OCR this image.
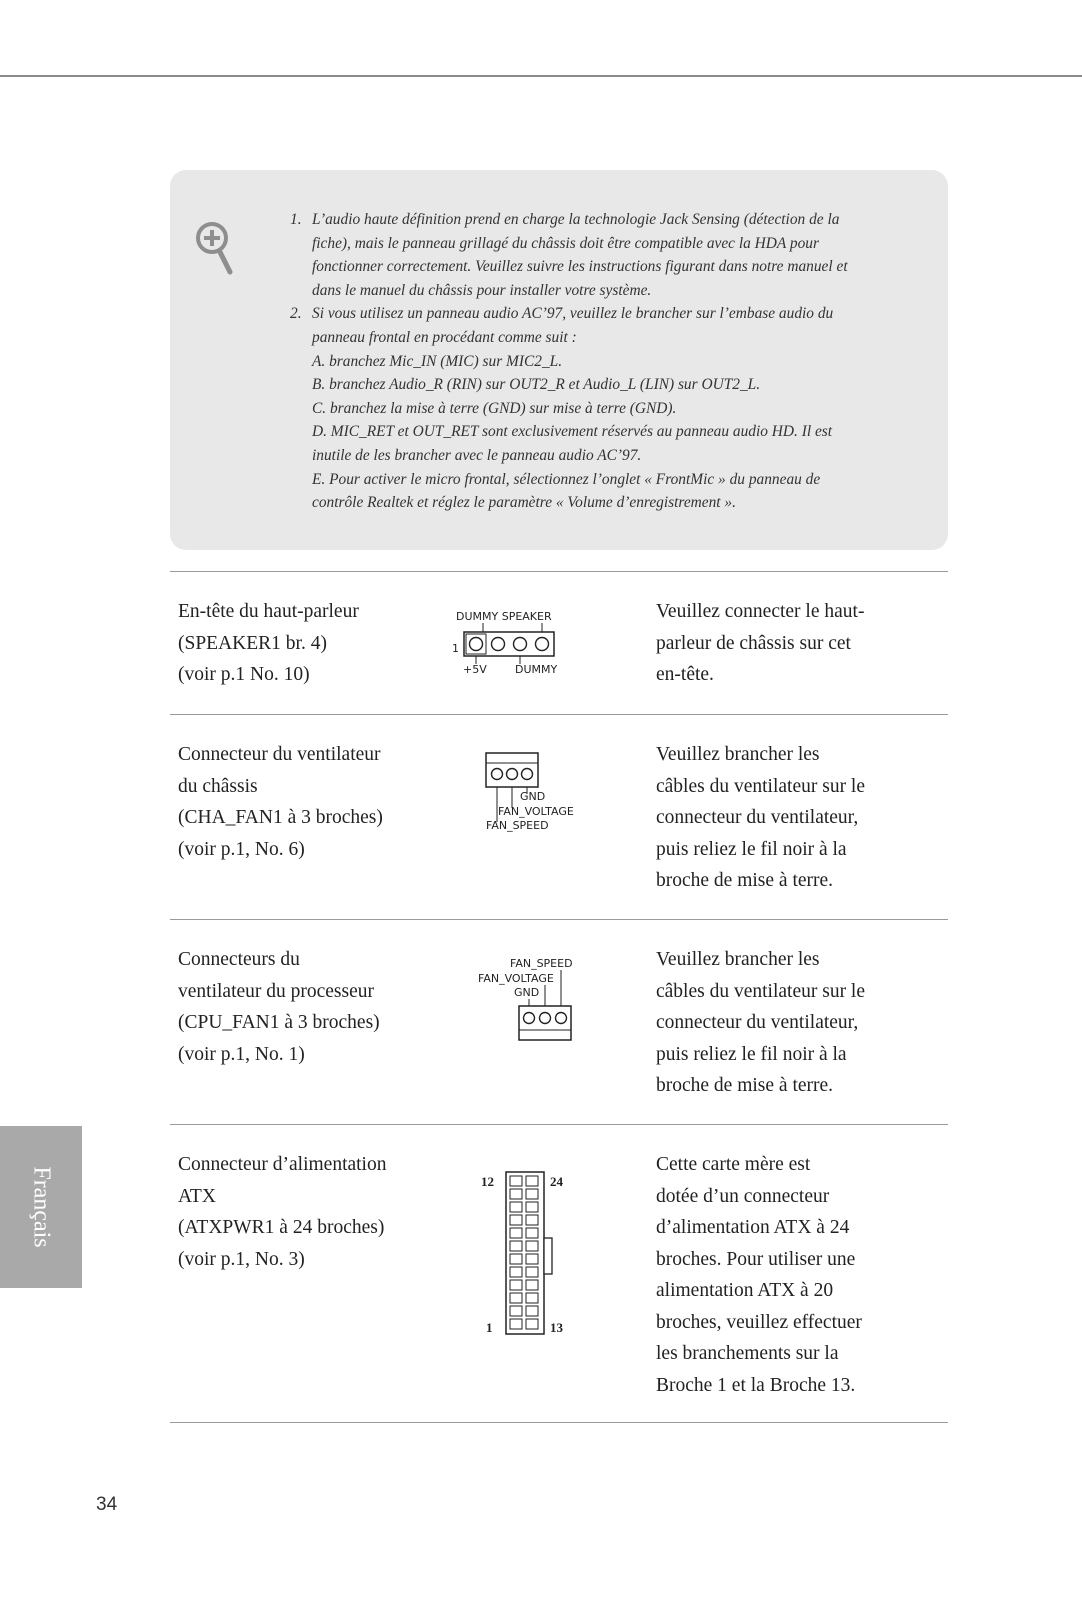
1. L’audio haute définition prend en charge la technologie Jack Sensing (détection de la
fiche), mais le panneau grillagé du châssis doit être compatible avec la HDA pour
fonctionner correctement. Veuillez suivre les instructions figurant dans notre manuel et
dans le manuel du châssis pour installer votre système.
2. Si vous utilisez un panneau audio AC’97, veuillez le brancher sur l’embase audio du
panneau frontal en procédant comme suit :
A. branchez Mic_IN (MIC) sur MIC2_L.
B. branchez Audio_R (RIN) sur OUT2_R et Audio_L (LIN) sur OUT2_L.
C. branchez la mise à terre (GND) sur mise à terre (GND).
D. MIC_RET et OUT_RET sont exclusivement réservés au panneau audio HD. Il est
inutile de les brancher avec le panneau audio AC’97.
E. Pour activer le micro frontal, sélectionnez l’onglet « FrontMic » du panneau de
contrôle Realtek et réglez le paramètre « Volume d’enregistrement ».
En-tête du haut-parleur
(SPEAKER1 br. 4)
(voir p.1 No. 10)
DUMMY SPEAKER
1
+5V	DUMMY
Veuillez connecter le haut-
parleur de châssis sur cet
en-tête.
Connecteur du ventilateur
du châssis
(CHA_FAN1 à 3 broches)
(voir p.1, No. 6)
GND
FAN_VOLTAGE
FAN_SPEED
Veuillez brancher les
câbles du ventilateur sur le
connecteur du ventilateur,
puis reliez le fil noir à la
broche de mise à terre.
Connecteurs du
ventilateur du processeur
(CPU_FAN1 à 3 broches)
(voir p.1, No. 1)
FAN_SPEED
FAN_VOLTAGE
GND
Veuillez brancher les
câbles du ventilateur sur le
connecteur du ventilateur,
puis reliez le fil noir à la
broche de mise à terre.
Connecteur d’alimentation
ATX
(ATXPWR1 à 24 broches)
(voir p.1, No. 3)
12	24
1	13
Cette carte mère est
dotée d’un connecteur
d’alimentation ATX à 24
broches. Pour utiliser une
alimentation ATX à 20
broches, veuillez effectuer
les branchements sur la
Broche 1 et la Broche 13.
Français
34
